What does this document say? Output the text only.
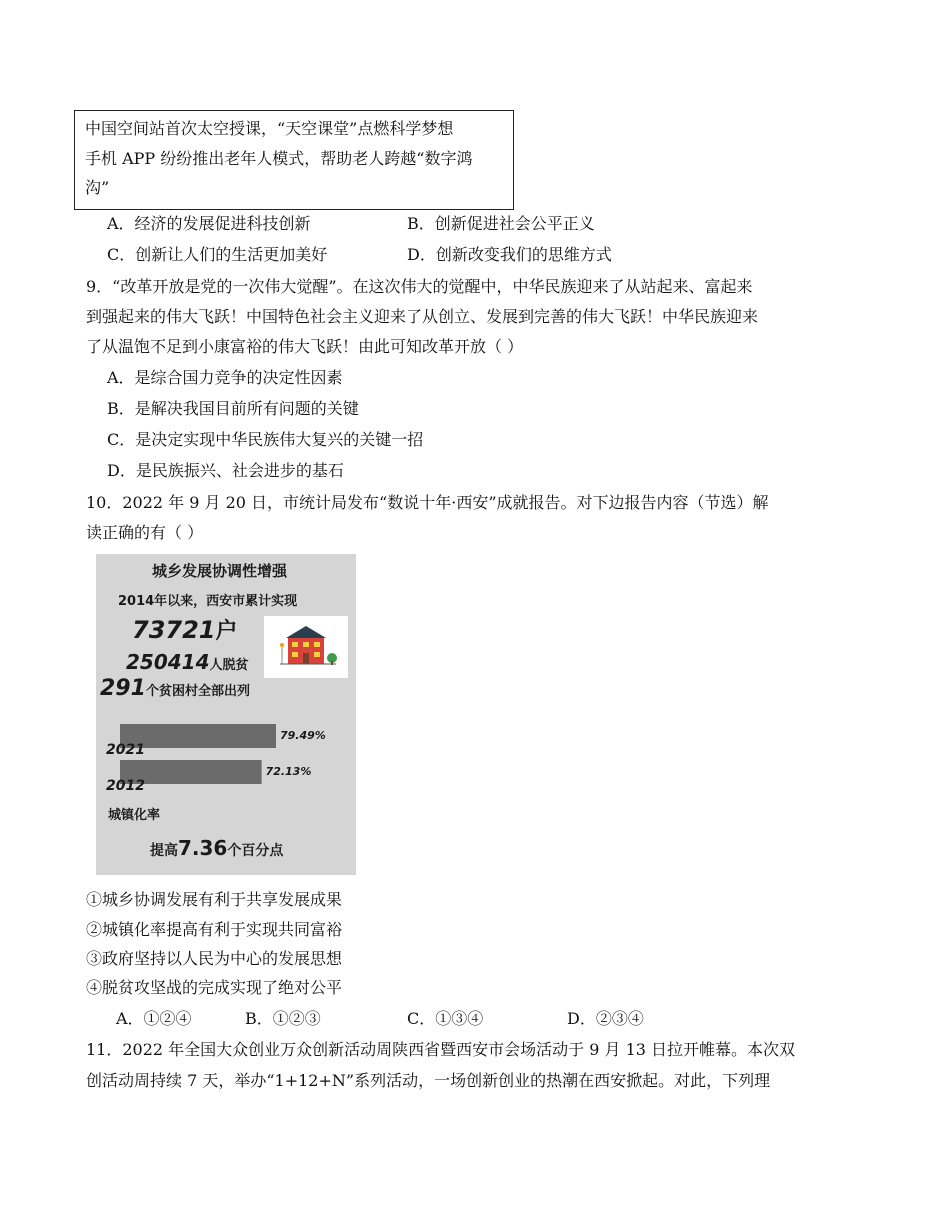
中国空间站首次太空授课，“天空课堂”点燃科学梦想
手机 APP 纷纷推出老年人模式，帮助老人跨越“数字鸿
沟”
A．经济的发展促进科技创新	B．创新促进社会公平正义
C．创新让人们的生活更加美好	D．创新改变我们的思维方式
9．“改革开放是党的一次伟大觉醒”。在这次伟大的觉醒中，中华民族迎来了从站起来、富起来
到强起来的伟大飞跃！中国特色社会主义迎来了从创立、发展到完善的伟大飞跃！中华民族迎来
了从温饱不足到小康富裕的伟大飞跃！由此可知改革开放（ ）
A．是综合国力竞争的决定性因素
B．是解决我国目前所有问题的关键
C．是决定实现中华民族伟大复兴的关键一招
D．是民族振兴、社会进步的基石
10．2022 年 9 月 20 日，市统计局发布“数说十年·西安”成就报告。对下边报告内容（节选）解
读正确的有（ ）
城乡发展协调性增强
2014年以来，西安市累计实现
73721户
250414人脱贫
291个贫困村全部出列
79.49%
2021
72.13%
2012
城镇化率
提高7.36个百分点
①城乡协调发展有利于共享发展成果
②城镇化率提高有利于实现共同富裕
③政府坚持以人民为中心的发展思想
④脱贫攻坚战的完成实现了绝对公平
A．①②④	B．①②③	C．①③④	D．②③④
11．2022 年全国大众创业万众创新活动周陕西省暨西安市会场活动于 9 月 13 日拉开帷幕。本次双
创活动周持续 7 天，举办“1+12+N”系列活动，一场创新创业的热潮在西安掀起。对此，下列理
